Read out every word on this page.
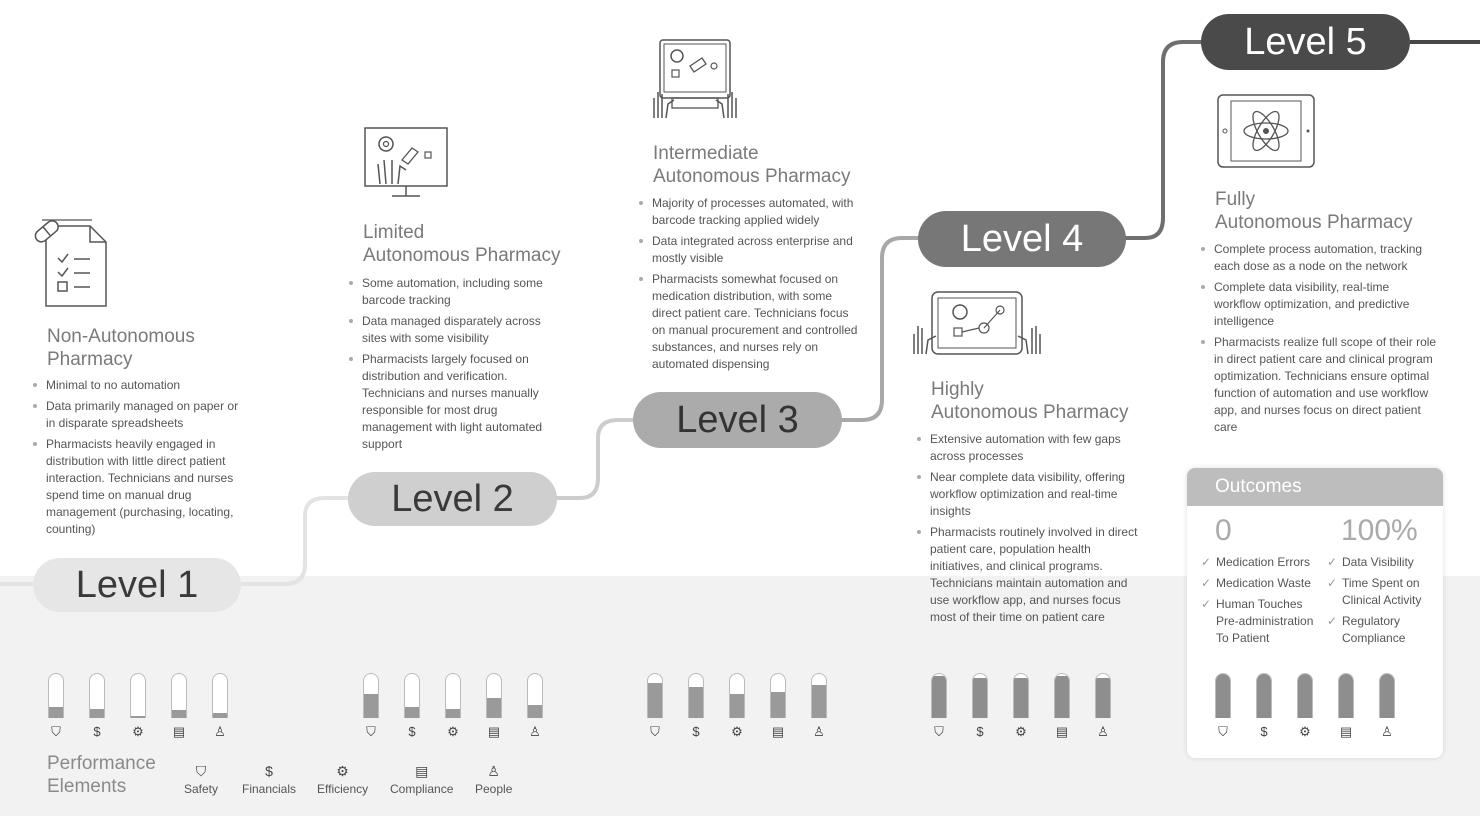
Level 1
Level 2
Level 3
Level 4
Level 5
Non-Autonomous
Pharmacy
Minimal to no automation
Data primarily managed on paper or in disparate spreadsheets
Pharmacists heavily engaged in distribution with little direct patient interaction. Technicians and nurses spend time on manual drug management (purchasing, locating, counting)
Limited
Autonomous Pharmacy
Some automation, including some barcode tracking
Data managed disparately across sites with some visibility
Pharmacists largely focused on distribution and verification. Technicians and nurses manually responsible for most drug management with light automated support
Intermediate
Autonomous Pharmacy
Majority of processes automated, with barcode tracking applied widely
Data integrated across enterprise and mostly visible
Pharmacists somewhat focused on medication distribution, with some direct patient care. Technicians focus on manual procurement and controlled substances, and nurses rely on automated dispensing
Highly
Autonomous Pharmacy
Extensive automation with few gaps across processes
Near complete data visibility, offering workflow optimization and real-time insights
Pharmacists routinely involved in direct patient care, population health initiatives, and clinical programs. Technicians maintain automation and use workflow app, and nurses focus most of their time on patient care
Fully
Autonomous Pharmacy
Complete process automation, tracking each dose as a node on the network
Complete data visibility, real-time workflow optimization, and predictive intelligence
Pharmacists realize full scope of their role in direct patient care and clinical program optimization. Technicians ensure optimal function of automation and use workflow app, and nurses focus on direct patient care
Outcomes
0	100%
✓ Medication Errors
✓ Medication Waste
✓ Human Touches Pre-administration To Patient
✓ Data Visibility
✓ Time Spent on Clinical Activity
✓ Regulatory Compliance
⛉	$ ⚙ ▤ ♙	⛉	$ ⚙ ▤ ♙	⛉	$ ⚙ ▤ ♙	⛉	$ ⚙ ▤ ♙	⛉	$ ⚙ ▤ ♙
Performance
Elements
⛉
Safety
$
Financials
⚙
Efficiency
▤
Compliance
♙
People
